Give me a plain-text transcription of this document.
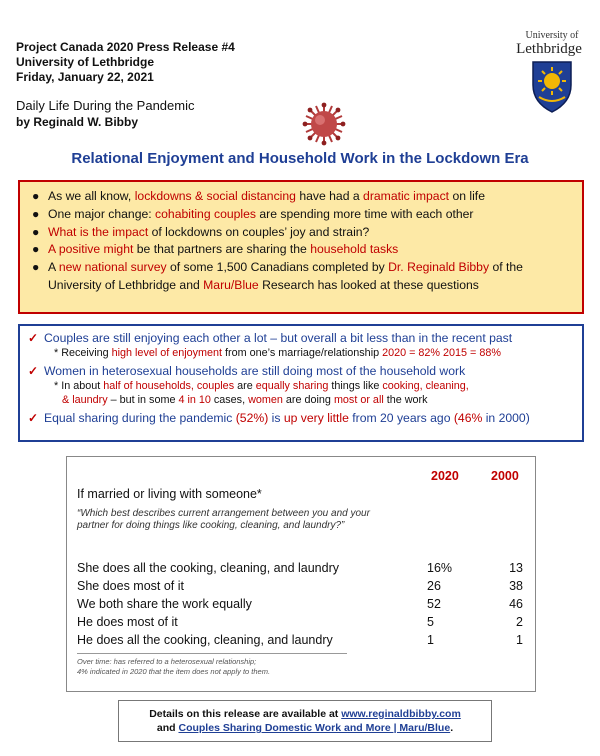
Project Canada 2020 Press Release #4
University of Lethbridge
Friday, January 22, 2021
Daily Life During the Pandemic
by Reginald W. Bibby
University of
Lethbridge
Relational Enjoyment and Household Work in the Lockdown Era
● As we all know, lockdowns & social distancing have had a dramatic impact on life
● One major change: cohabiting couples are spending more time with each other
● What is the impact of lockdowns on couples’ joy and strain?
● A positive might be that partners are sharing the household tasks
● A new national survey of some 1,500 Canadians completed by Dr. Reginald Bibby of the University of Lethbridge and Maru/Blue Research has looked at these questions
✓ Couples are still enjoying each other a lot – but overall a bit less than in the recent past
* Receiving high level of enjoyment from one’s marriage/relationship 2020 = 82% 2015 = 88%
✓ Women in heterosexual households are still doing most of the household work
* In about half of households, couples are equally sharing things like cooking, cleaning,
& laundry – but in some 4 in 10 cases, women are doing most or all the work
✓ Equal sharing during the pandemic (52%) is up very little from 20 years ago (46% in 2000)
2020	2000
If married or living with someone*
“Which best describes current arrangement between you and your partner for doing things like cooking, cleaning, and laundry?”
She does all the cooking, cleaning, and laundry	16%	13
She does most of it	26	38
We both share the work equally	52	46
He does most of it	5	2
He does all the cooking, cleaning, and laundry	1	1
Over time: has referred to a heterosexual relationship;
4% indicated in 2020 that the item does not apply to them.
Details on this release are available at www.reginaldbibby.com
and Couples Sharing Domestic Work and More | Maru/Blue.
